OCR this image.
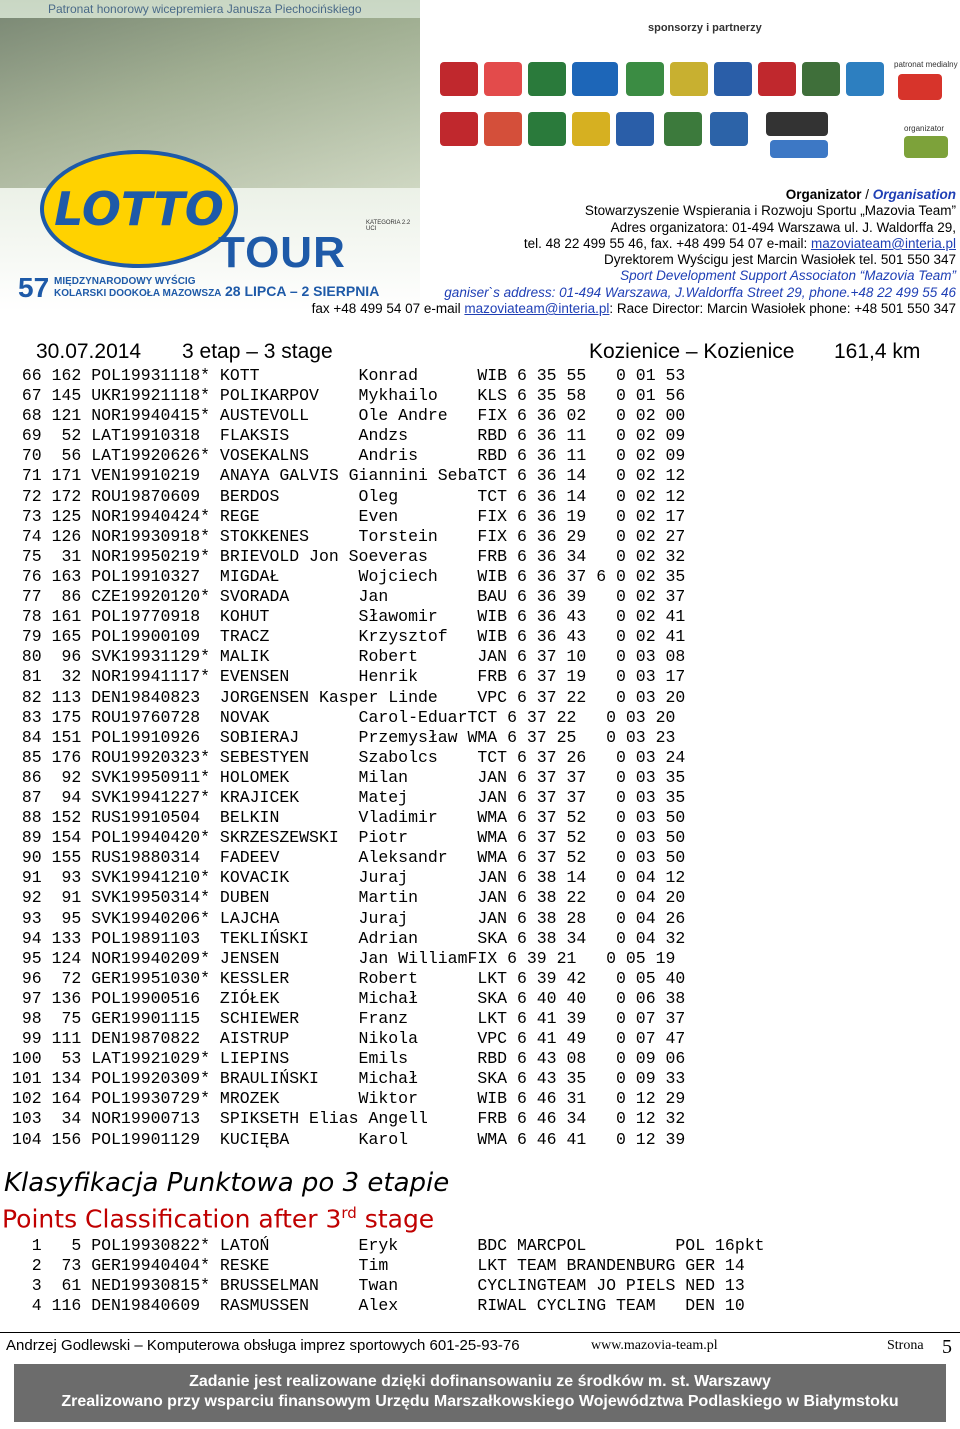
Patronat honorowy wicepremiera Janusza Piechocińskiego
LOTTO
TOUR
KATEGORIA 2.2 UCI
57 MIĘDZYNARODOWY WYŚCIG KOLARSKI DOOKOŁA MAZOWSZA 28 LIPCA – 2 SIERPNIA
sponsorzy i partnerzy
patronat medialny
organizator
Organizator / Organisation
Stowarzyszenie Wspierania i Rozwoju Sportu „Mazovia Team”
Adres organizatora: 01-494 Warszawa ul. J. Waldorffa 29,
tel. 48 22 499 55 46, fax. +48 499 54 07 e-mail: mazoviateam@interia.pl
Dyrektorem Wyścigu jest Marcin Wasiołek tel. 501 550 347
Sport Development Support Associaton “Mazovia Team”
ganiser`s address: 01-494 Warszawa, J.Waldorffa Street 29, phone.+48 22 499 55 46
fax +48 499 54 07 e-mail mazoviateam@interia.pl: Race Director: Marcin Wasiołek phone: +48 501 550 347
30.07.2014 3 etap – 3 stage	Kozienice – Kozienice 161,4 km
66 162 POL19931118* KOTT          Konrad      WIB 6 35 55   0 01 53
67 145 UKR19921118* POLIKARPOV    Mykhailo    KLS 6 35 58   0 01 56
68 121 NOR19940415* AUSTEVOLL     Ole Andre   FIX 6 36 02   0 02 00
69  52 LAT19910318  FLAKSIS       Andzs       RBD 6 36 11   0 02 09
70  56 LAT19920626* VOSEKALNS     Andris      RBD 6 36 11   0 02 09
71 171 VEN19910219  ANAYA GALVIS Giannini SebaTCT 6 36 14   0 02 12
72 172 ROU19870609  BERDOS        Oleg        TCT 6 36 14   0 02 12
73 125 NOR19940424* REGE          Even        FIX 6 36 19   0 02 17
74 126 NOR19930918* STOKKENES     Torstein    FIX 6 36 29   0 02 27
75  31 NOR19950219* BRIEVOLD Jon Soeveras     FRB 6 36 34   0 02 32
76 163 POL19910327  MIGDAŁ        Wojciech    WIB 6 36 37 6 0 02 35
77  86 CZE19920120* SVORADA       Jan         BAU 6 36 39   0 02 37
78 161 POL19770918  KOHUT         Sławomir    WIB 6 36 43   0 02 41
79 165 POL19900109  TRACZ         Krzysztof   WIB 6 36 43   0 02 41
80  96 SVK19931129* MALIK         Robert      JAN 6 37 10   0 03 08
81  32 NOR19941117* EVENSEN       Henrik      FRB 6 37 19   0 03 17
82 113 DEN19840823  JORGENSEN Kasper Linde    VPC 6 37 22   0 03 20
83 175 ROU19760728  NOVAK         Carol-EduarTCT 6 37 22   0 03 20
84 151 POL19910926  SOBIERAJ      Przemysław WMA 6 37 25   0 03 23
85 176 ROU19920323* SEBESTYEN     Szabolcs    TCT 6 37 26   0 03 24
86  92 SVK19950911* HOLOMEK       Milan       JAN 6 37 37   0 03 35
87  94 SVK19941227* KRAJICEK      Matej       JAN 6 37 37   0 03 35
88 152 RUS19910504  BELKIN        Vladimir    WMA 6 37 52   0 03 50
89 154 POL19940420* SKRZESZEWSKI  Piotr       WMA 6 37 52   0 03 50
90 155 RUS19880314  FADEEV        Aleksandr   WMA 6 37 52   0 03 50
91  93 SVK19941210* KOVACIK       Juraj       JAN 6 38 14   0 04 12
92  91 SVK19950314* DUBEN         Martin      JAN 6 38 22   0 04 20
93  95 SVK19940206* LAJCHA        Juraj       JAN 6 38 28   0 04 26
94 133 POL19891103  TEKLIŃSKI     Adrian      SKA 6 38 34   0 04 32
95 124 NOR19940209* JENSEN        Jan WilliamFIX 6 39 21   0 05 19
96  72 GER19951030* KESSLER       Robert      LKT 6 39 42   0 05 40
97 136 POL19900516  ZIÓŁEK        Michał      SKA 6 40 40   0 06 38
98  75 GER19901115  SCHIEWER      Franz       LKT 6 41 39   0 07 37
99 111 DEN19870822  AISTRUP       Nikola      VPC 6 41 49   0 07 47
100  53 LAT19921029* LIEPINS       Emils       RBD 6 43 08   0 09 06
101 134 POL19920309* BRAULIŃSKI    Michał      SKA 6 43 35   0 09 33
102 164 POL19930729* MROZEK        Wiktor      WIB 6 46 31   0 12 29
103  34 NOR19900713  SPIKSETH Elias Angell     FRB 6 46 34   0 12 32
104 156 POL19901129  KUCIĘBA       Karol       WMA 6 46 41   0 12 39
Klasyfikacja Punktowa po 3 etapie
Points Classification after 3rd stage
1   5 POL19930822* LATOŃ         Eryk        BDC MARCPOL         POL 16pkt
2  73 GER19940404* RESKE         Tim         LKT TEAM BRANDENBURG GER 14
3  61 NED19930815* BRUSSELMAN    Twan        CYCLINGTEAM JO PIELS NED 13
4 116 DEN19840609  RASMUSSEN     Alex        RIWAL CYCLING TEAM   DEN 10
Andrzej Godlewski – Komputerowa obsługa imprez sportowych 601-25-93-76	www.mazovia-team.pl	Strona 5
Zadanie jest realizowane dzięki dofinansowaniu ze środków m. st. Warszawy
Zrealizowano przy wsparciu finansowym Urzędu Marszałkowskiego Województwa Podlaskiego w Białymstoku
